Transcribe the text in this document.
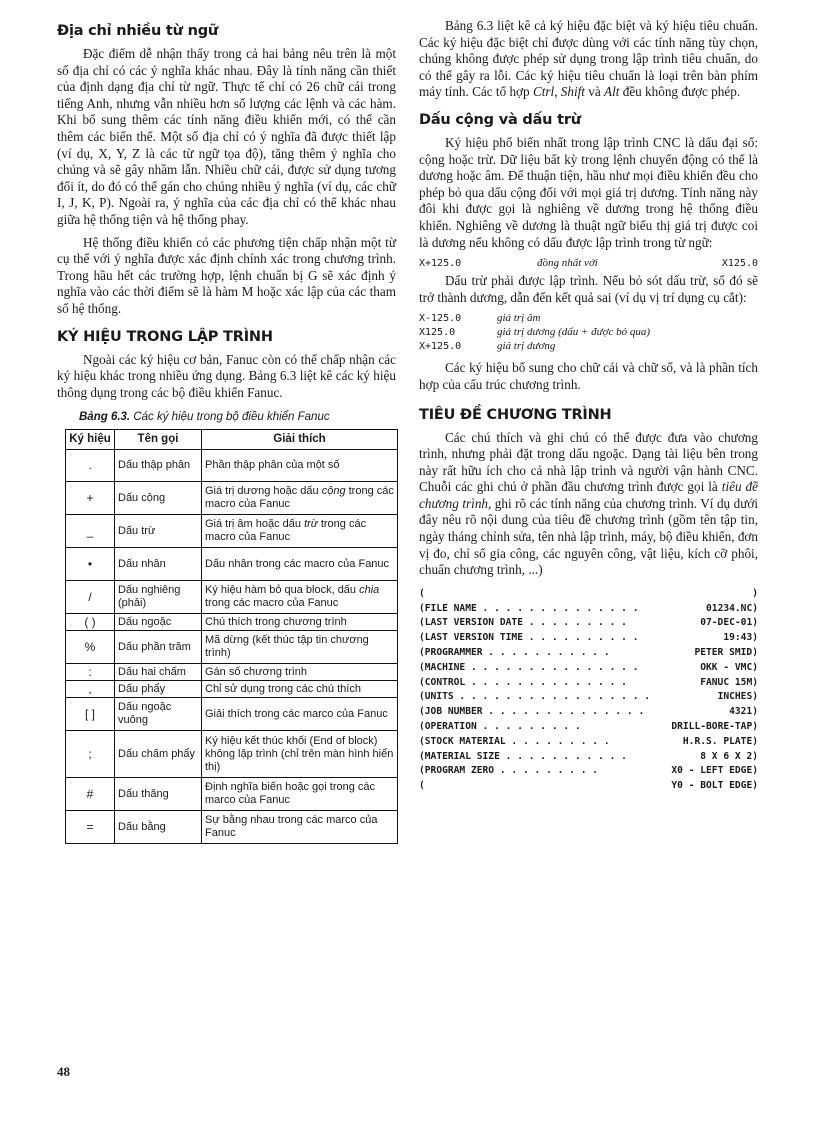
Địa chỉ nhiều từ ngữ

Đặc điểm dễ nhận thấy trong cả hai bảng nêu trên là một số địa chỉ có các ý nghĩa khác nhau. Đây là tính năng cần thiết của định dạng địa chỉ từ ngữ. Thực tế chỉ có 26 chữ cái trong tiếng Anh, nhưng vẫn nhiều hơn số lượng các lệnh và các hàm. Khi bổ sung thêm các tính năng điều khiển mới, có thể cần thêm các biến thể. Một số địa chỉ có ý nghĩa đã được thiết lập (ví dụ, X, Y, Z là các từ ngữ tọa độ), tăng thêm ý nghĩa cho chúng và sẽ gây nhầm lẫn. Nhiều chữ cái, được sử dụng tương đối ít, do đó có thể gán cho chúng nhiều ý nghĩa (ví dụ, các chữ I, J, K, P). Ngoài ra, ý nghĩa của các địa chỉ có thể khác nhau giữa hệ thống tiện và hệ thống phay.

Hệ thống điều khiển có các phương tiện chấp nhận một từ cụ thể với ý nghĩa được xác định chính xác trong chương trình. Trong hầu hết các trường hợp, lệnh chuẩn bị G sẽ xác định ý nghĩa vào các thời điểm sẽ là hàm M hoặc xác lập của các tham số hệ thống.

KÝ HIỆU TRONG LẬP TRÌNH

Ngoài các ký hiệu cơ bản, Fanuc còn có thể chấp nhận các ký hiệu khác trong nhiều ứng dụng. Bảng 6.3 liệt kê các ký hiệu thông dụng trong các bộ điều khiển Fanuc.

Bảng 6.3. Các ký hiệu trong bộ điều khiển Fanuc
Ký hiệu	Tên gọi	Giải thích
.	Dấu thập phân	Phần thập phân của một số
+	Dấu cộng	Giá trị dương hoặc dấu cộng trong các macro của Fanuc
_	Dấu trừ	Giá trị âm hoặc dấu trừ trong các macro của Fanuc
•	Dấu nhân	Dấu nhân trong các macro của Fanuc
/	Dấu nghiêng (phải)	Ký hiệu hàm bỏ qua block, dấu chia trong các macro của Fanuc
( )	Dấu ngoặc	Chú thích trong chương trình
%	Dấu phần trăm	Mã dừng (kết thúc tập tin chương trình)
:	Dấu hai chấm	Gán số chương trình
,	Dấu phẩy	Chỉ sử dụng trong các chú thích
[ ]	Dấu ngoặc vuông	Giải thích trong các marco của Fanuc
;	Dấu chấm phẩy	Ký hiệu kết thúc khối (End of block) không lập trình (chỉ trên màn hình hiển thị)
#	Dấu thăng	Định nghĩa biến hoặc gọi trong các marco của Fanuc
=	Dấu bằng	Sự bằng nhau trong các marco của Fanuc

Bảng 6.3 liệt kê cả ký hiệu đặc biệt và ký hiệu tiêu chuẩn. Các ký hiệu đặc biệt chỉ được dùng với các tính năng tùy chọn, chúng không được phép sử dụng trong lập trình tiêu chuẩn, do có thể gây ra lỗi. Các ký hiệu tiêu chuẩn là loại trên bàn phím máy tính. Các tổ hợp Ctrl, Shift và Alt đều không được phép.

Dấu cộng và dấu trừ

Ký hiệu phổ biến nhất trong lập trình CNC là dấu đại số: cộng hoặc trừ. Dữ liệu bất kỳ trong lệnh chuyển động có thể là dương hoặc âm. Để thuận tiện, hầu như mọi điều khiển đều cho phép bỏ qua dấu cộng đối với mọi giá trị dương. Tính năng này đôi khi được gọi là nghiêng về dương trong hệ thống điều khiển. Nghiêng về dương là thuật ngữ biểu thị giá trị được coi là dương nếu không có dấu được lập trình trong từ ngữ:

X+125.0	đồng nhất với	X125.0

Dấu trừ phải được lập trình. Nếu bỏ sót dấu trừ, số đó sẽ trở thành dương, dẫn đến kết quả sai (ví dụ vị trí dụng cụ cắt):

X-125.0	giá trị âm
X125.0	giá trị dương (dấu + được bỏ qua)
X+125.0	giá trị dương

Các ký hiệu bổ sung cho chữ cái và chữ số, và là phần tích hợp của cấu trúc chương trình.

TIÊU ĐỀ CHƯƠNG TRÌNH

Các chú thích và ghi chú có thể được đưa vào chương trình, nhưng phải đặt trong dấu ngoặc. Dạng tài liệu bên trong này rất hữu ích cho cả nhà lập trình và người vận hành CNC. Chuỗi các ghi chú ở phần đầu chương trình được gọi là tiêu đề chương trình, ghi rõ các tính năng của chương trình. Ví dụ dưới đây nêu rõ nội dung của tiêu đề chương trình (gồm tên tập tin, ngày tháng chỉnh sửa, tên nhà lập trình, máy, bộ điều khiển, đơn vị đo, chỉ số gia công, các nguyên công, vật liệu, kích cỡ phôi, chuẩn chương trình, ...)

(	)
(FILE NAME . . . . . . . . . . . . . .	01234.NC)
(LAST VERSION DATE . . . . . . . . .	07-DEC-01)
(LAST VERSION TIME . . . . . . . . . .	19:43)
(PROGRAMMER . . . . . . . . . . .	PETER SMID)
(MACHINE . . . . . . . . . . . . . . .	OKK - VMC)
(CONTROL . . . . . . . . . . . . . .	FANUC 15M)
(UNITS . . . . . . . . . . . . . . . . .	INCHES)
(JOB NUMBER . . . . . . . . . . . . . .	4321)
(OPERATION . . . . . . . . .	DRILL-BORE-TAP)
(STOCK MATERIAL . . . . . . . . .	H.R.S. PLATE)
(MATERIAL SIZE . . . . . . . . . . .	8 X 6 X 2)
(PROGRAM ZERO . . . . . . . . .	X0 - LEFT EDGE)
(	Y0 - BOLT EDGE)
48
